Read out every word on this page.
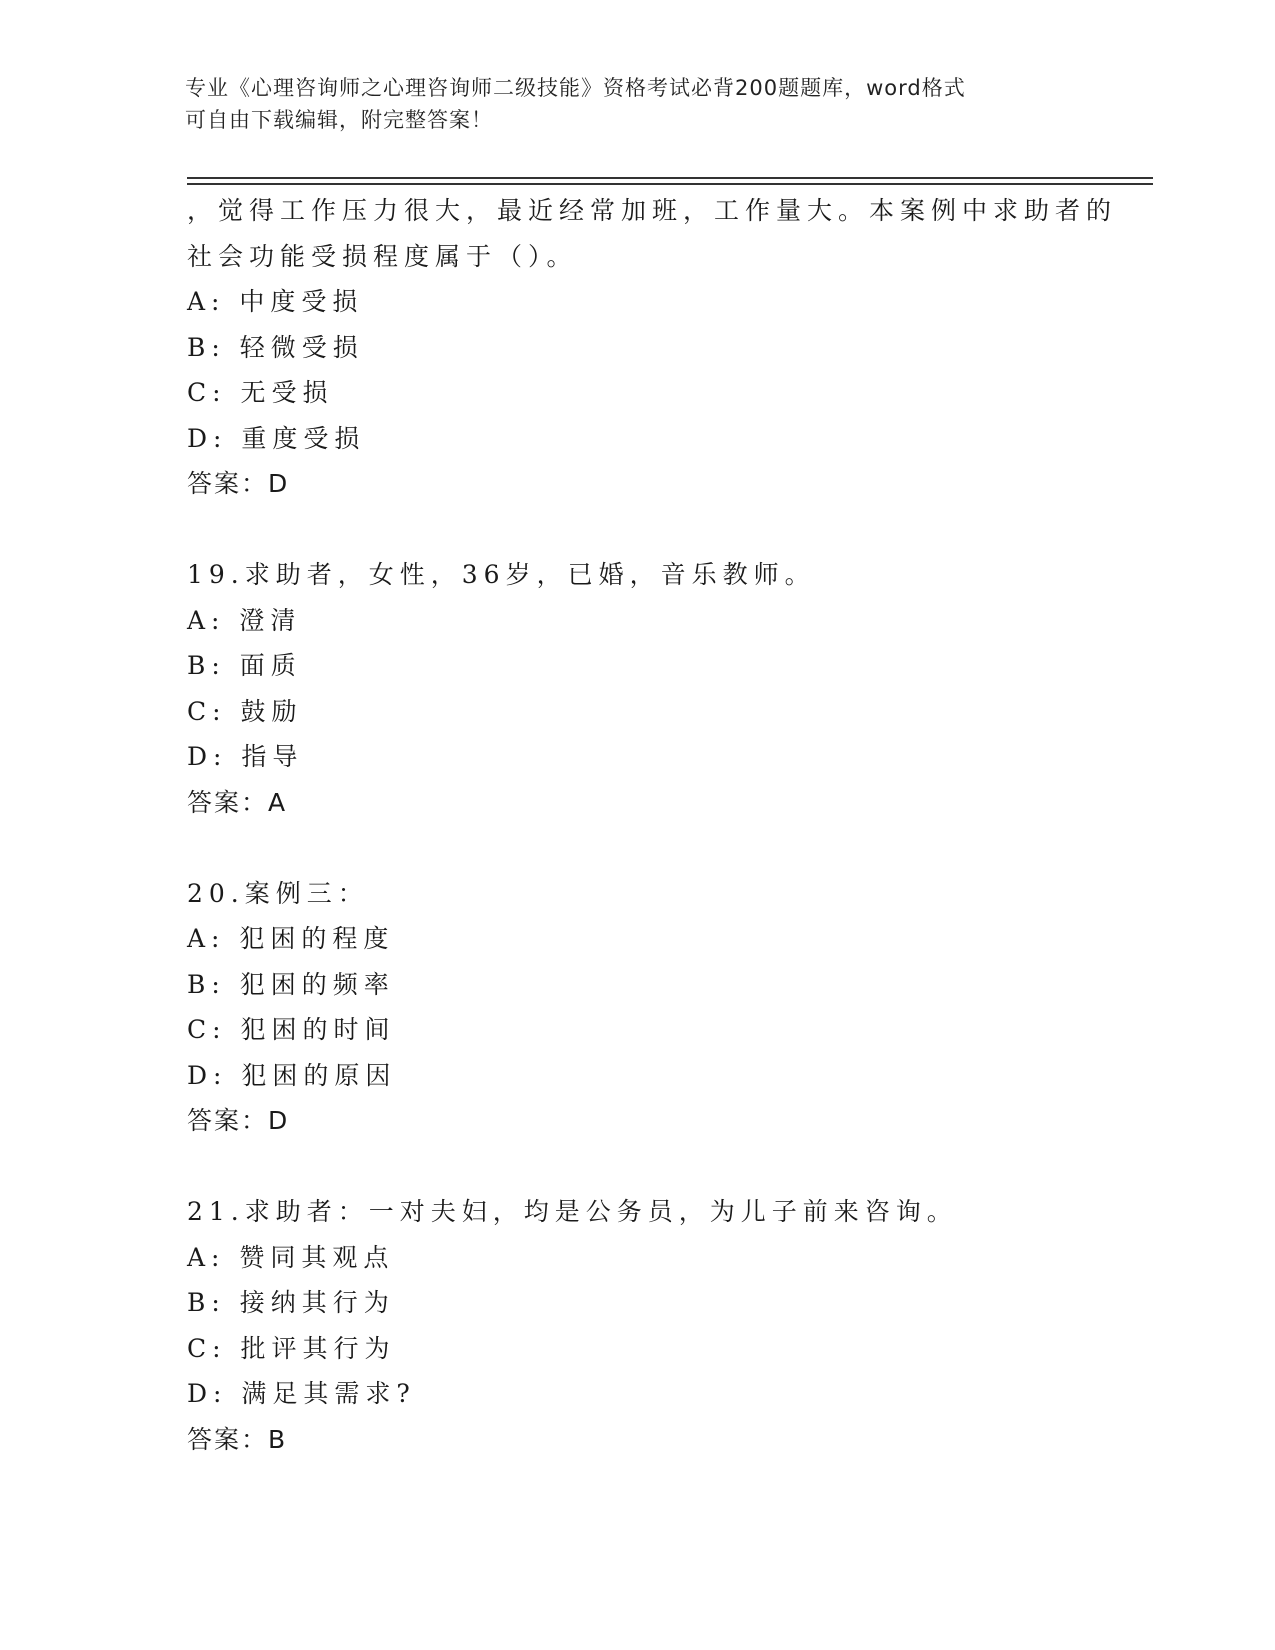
专业《心理咨询师之心理咨询师二级技能》资格考试必背200题题库，word格式
可自由下载编辑，附完整答案！
，觉得工作压力很大，最近经常加班，工作量大。本案例中求助者的
社会功能受损程度属于（）。
A: 中度受损
B: 轻微受损
C: 无受损
D: 重度受损
答案：D
19.求助者，女性，36岁，已婚，音乐教师。
A: 澄清
B: 面质
C: 鼓励
D: 指导
答案：A
20.案例三：
A: 犯困的程度
B: 犯困的频率
C: 犯困的时间
D: 犯困的原因
答案：D
21.求助者：一对夫妇，均是公务员，为儿子前来咨询。
A: 赞同其观点
B: 接纳其行为
C: 批评其行为
D: 满足其需求?
答案：B
